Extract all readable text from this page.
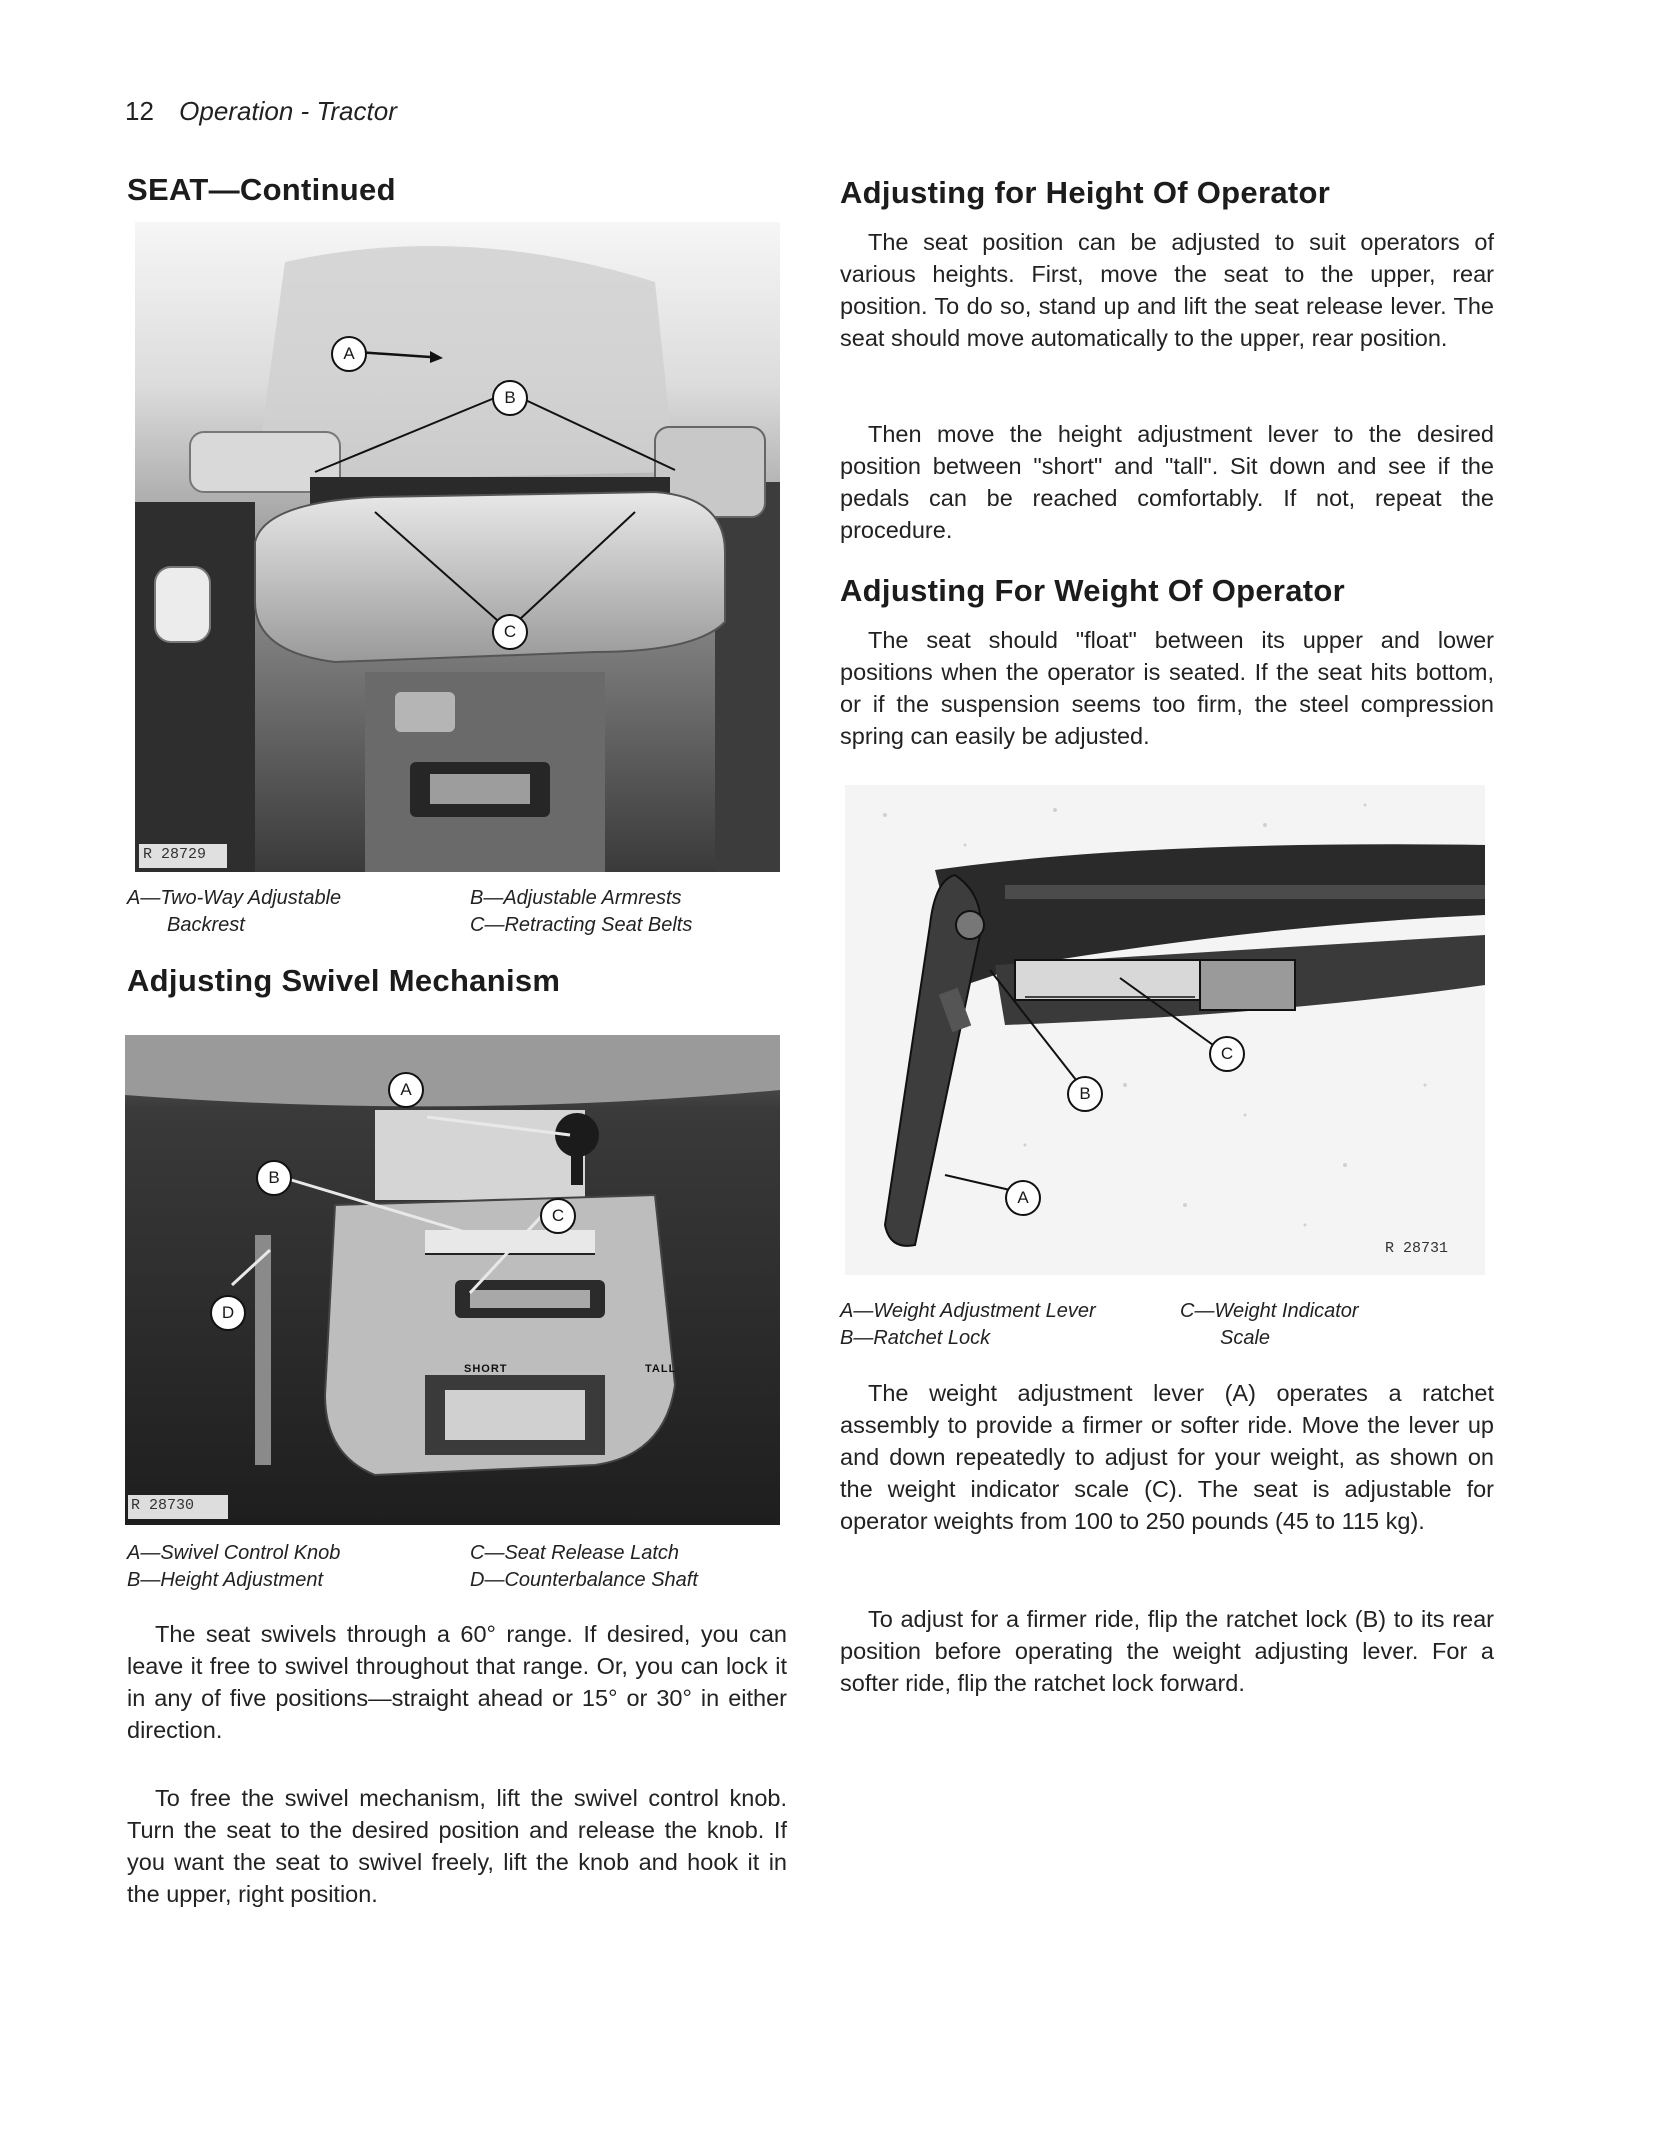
12 Operation - Tractor
SEAT—Continued
A
B
C
R 28729
A—Two-Way Adjustable
Backrest
B—Adjustable Armrests
C—Retracting Seat Belts
Adjusting Swivel Mechanism
SHORT	TALL
A
B
C
D
R 28730
A—Swivel Control Knob
B—Height Adjustment
C—Seat Release Latch
D—Counterbalance Shaft

The seat swivels through a 60° range. If desired, you can leave it free to swivel throughout that range. Or, you can lock it in any of five positions—straight ahead or 15° or 30° in either direction.

To free the swivel mechanism, lift the swivel control knob. Turn the seat to the desired position and release the knob. If you want the seat to swivel freely, lift the knob and hook it in the upper, right position.

Adjusting for Height Of Operator

The seat position can be adjusted to suit operators of various heights. First, move the seat to the upper, rear position. To do so, stand up and lift the seat release lever. The seat should move automatically to the upper, rear position.

Then move the height adjustment lever to the desired position between "short" and "tall". Sit down and see if the pedals can be reached comfortably. If not, repeat the procedure.

Adjusting For Weight Of Operator

The seat should "float" between its upper and lower positions when the operator is seated. If the seat hits bottom, or if the suspension seems too firm, the steel compression spring can easily be adjusted.

C
B
A
R 28731
A—Weight Adjustment Lever
B—Ratchet Lock
C—Weight Indicator
Scale

The weight adjustment lever (A) operates a ratchet assembly to provide a firmer or softer ride. Move the lever up and down repeatedly to adjust for your weight, as shown on the weight indicator scale (C). The seat is adjustable for operator weights from 100 to 250 pounds (45 to 115 kg).

To adjust for a firmer ride, flip the ratchet lock (B) to its rear position before operating the weight adjusting lever. For a softer ride, flip the ratchet lock forward.
